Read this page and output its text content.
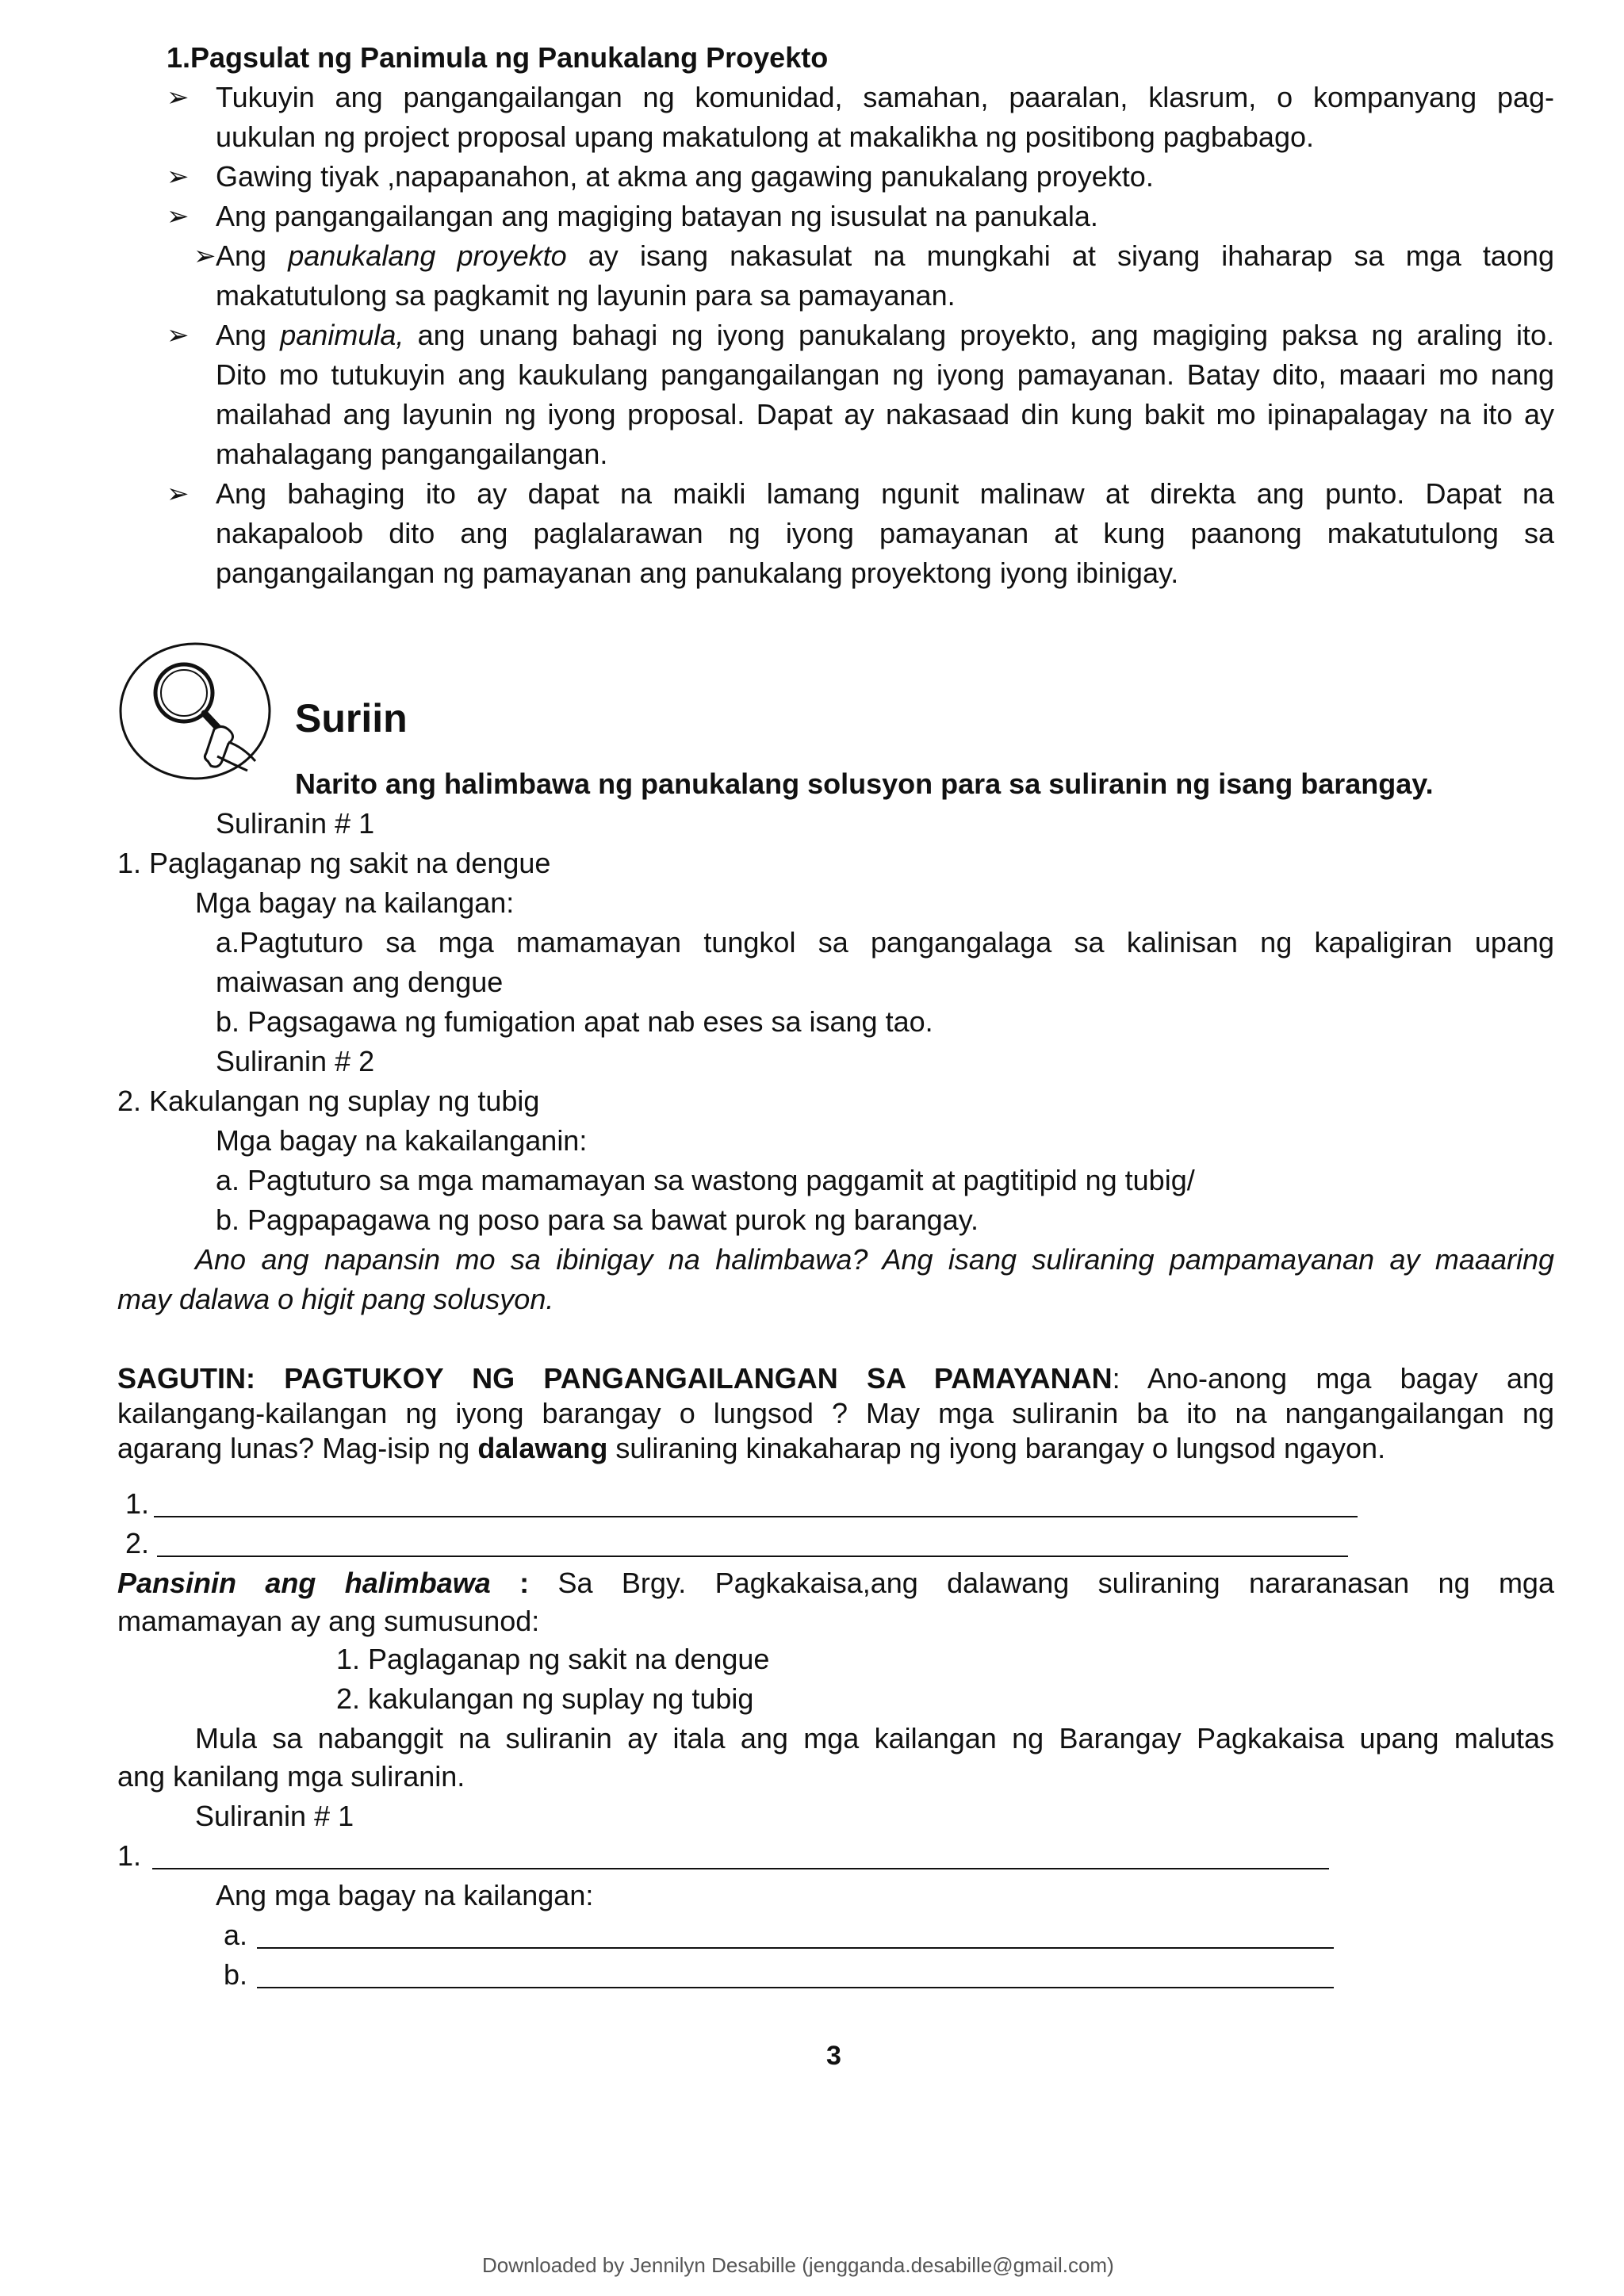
1.Pagsulat ng Panimula ng Panukalang Proyekto
➢ Tukuyin ang pangangailangan ng komunidad, samahan, paaralan, klasrum, o kompanyang pag-
uukulan ng project proposal upang makatulong at makalikha ng positibong pagbabago.
➢ Gawing tiyak ,napapanahon, at akma ang gagawing panukalang proyekto.
➢ Ang pangangailangan ang magiging batayan ng isusulat na panukala.
➢ Ang panukalang proyekto ay isang nakasulat na mungkahi at siyang ihaharap sa mga taong
makatutulong sa pagkamit ng layunin para sa pamayanan.
➢ Ang panimula, ang unang bahagi ng iyong panukalang proyekto, ang magiging paksa ng araling ito.
Dito mo tutukuyin ang kaukulang pangangailangan ng iyong pamayanan. Batay dito, maaari mo nang
mailahad ang layunin ng iyong proposal. Dapat ay nakasaad din kung bakit mo ipinapalagay na ito ay
mahalagang pangangailangan.
➢ Ang bahaging ito ay dapat na maikli lamang ngunit malinaw at direkta ang punto. Dapat na
nakapaloob dito ang paglalarawan ng iyong pamayanan at kung paanong makatutulong sa
pangangailangan ng pamayanan ang panukalang proyektong iyong ibinigay.
Suriin
Narito ang halimbawa ng panukalang solusyon para sa suliranin ng isang barangay.
Suliranin # 1
1. Paglaganap ng sakit na dengue
Mga bagay na kailangan:
a.Pagtuturo sa mga mamamayan tungkol sa pangangalaga sa kalinisan ng kapaligiran upang
maiwasan ang dengue
b. Pagsagawa ng fumigation apat nab eses sa isang tao.
Suliranin # 2
2. Kakulangan ng suplay ng tubig
Mga bagay na kakailanganin:
a. Pagtuturo sa mga mamamayan sa wastong paggamit at pagtitipid ng tubig/
b. Pagpapagawa ng poso para sa bawat purok ng barangay.
Ano ang napansin mo sa ibinigay na halimbawa? Ang isang suliraning pampamayanan ay maaaring
may dalawa o higit pang solusyon.
SAGUTIN: PAGTUKOY NG PANGANGAILANGAN SA PAMAYANAN: Ano-anong mga bagay ang
kailangang-kailangan ng iyong barangay o lungsod ? May mga suliranin ba ito na nangangailangan ng
agarang lunas? Mag-isip ng dalawang suliraning kinakaharap ng iyong barangay o lungsod ngayon.
1.
2.
Pansinin ang halimbawa : Sa Brgy. Pagkakaisa,ang dalawang suliraning nararanasan ng mga
mamamayan ay ang sumusunod:
1. Paglaganap ng sakit na dengue
2. kakulangan ng suplay ng tubig
Mula sa nabanggit na suliranin ay itala ang mga kailangan ng Barangay Pagkakaisa upang malutas
ang kanilang mga suliranin.
Suliranin # 1
1.
Ang mga bagay na kailangan:
a.
b.
3
Downloaded by Jennilyn Desabille (jengganda.desabille@gmail.com)
